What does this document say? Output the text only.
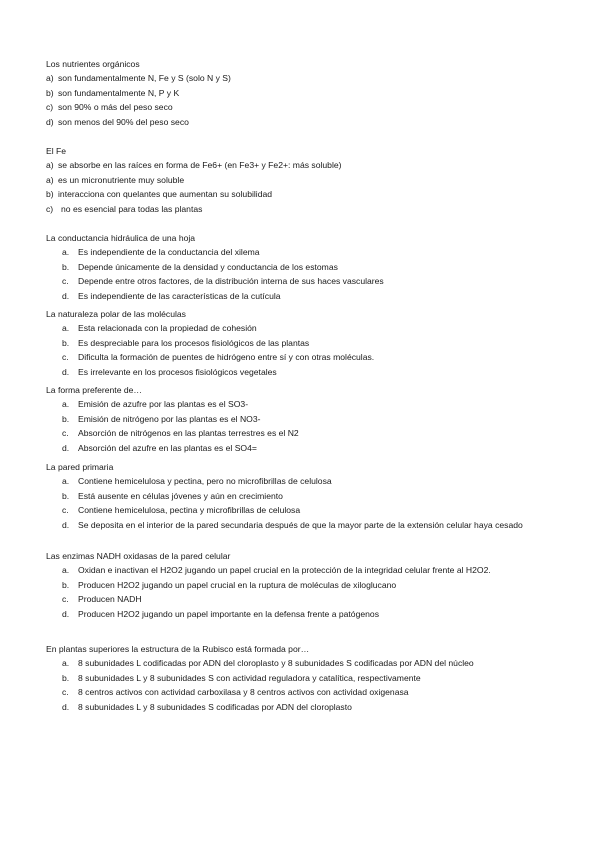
Los nutrientes orgánicos
a) son fundamentalmente N, Fe y S (solo N y S)
b) son fundamentalmente N, P y K
c) son 90% o más del peso seco
d) son menos del 90% del peso seco
El Fe
a) se absorbe en las raíces en forma de Fe6+ (en Fe3+ y Fe2+: más soluble)
a) es un micronutriente muy soluble
b) interacciona con quelantes que aumentan su solubilidad
c) no es esencial para todas las plantas
La conductancia hidráulica de una hoja
a. Es independiente de la conductancia del xilema
b. Depende únicamente de la densidad y conductancia de los estomas
c. Depende entre otros factores, de la distribución interna de sus haces vasculares
d. Es independiente de las características de la cutícula
La naturaleza polar de las moléculas
a. Esta relacionada con la propiedad de cohesión
b. Es despreciable para los procesos fisiológicos de las plantas
c. Dificulta la formación de puentes de hidrógeno entre sí y con otras moléculas.
d. Es irrelevante en los procesos fisiológicos vegetales
La forma preferente de…
a. Emisión de azufre por las plantas es el SO3-
b. Emisión de nitrógeno por las plantas es el NO3-
c. Absorción de nitrógenos en las plantas terrestres es el N2
d. Absorción del azufre en las plantas es el SO4=
La pared primaria
a. Contiene hemicelulosa y pectina, pero no microfibrillas de celulosa
b. Está ausente en células jóvenes y aún en crecimiento
c. Contiene hemicelulosa, pectina y microfibrillas de celulosa
d. Se deposita en el interior de la pared secundaria después de que la mayor parte de la extensión celular haya cesado
Las enzimas NADH oxidasas de la pared celular
a. Oxidan e inactivan el H2O2 jugando un papel crucial en la protección de la integridad celular frente al H2O2.
b. Producen H2O2 jugando un papel crucial en la ruptura de moléculas de xiloglucano
c. Producen NADH
d. Producen H2O2 jugando un papel importante en la defensa frente a patógenos
En plantas superiores la estructura de la Rubisco está formada por…
a. 8 subunidades L codificadas por ADN del cloroplasto y 8 subunidades S codificadas por ADN del núcleo
b. 8 subunidades L y 8 subunidades S con actividad reguladora y catalítica, respectivamente
c. 8 centros activos con actividad carboxilasa y 8 centros activos con actividad oxigenasa
d. 8 subunidades L y 8 subunidades S codificadas por ADN del cloroplasto
